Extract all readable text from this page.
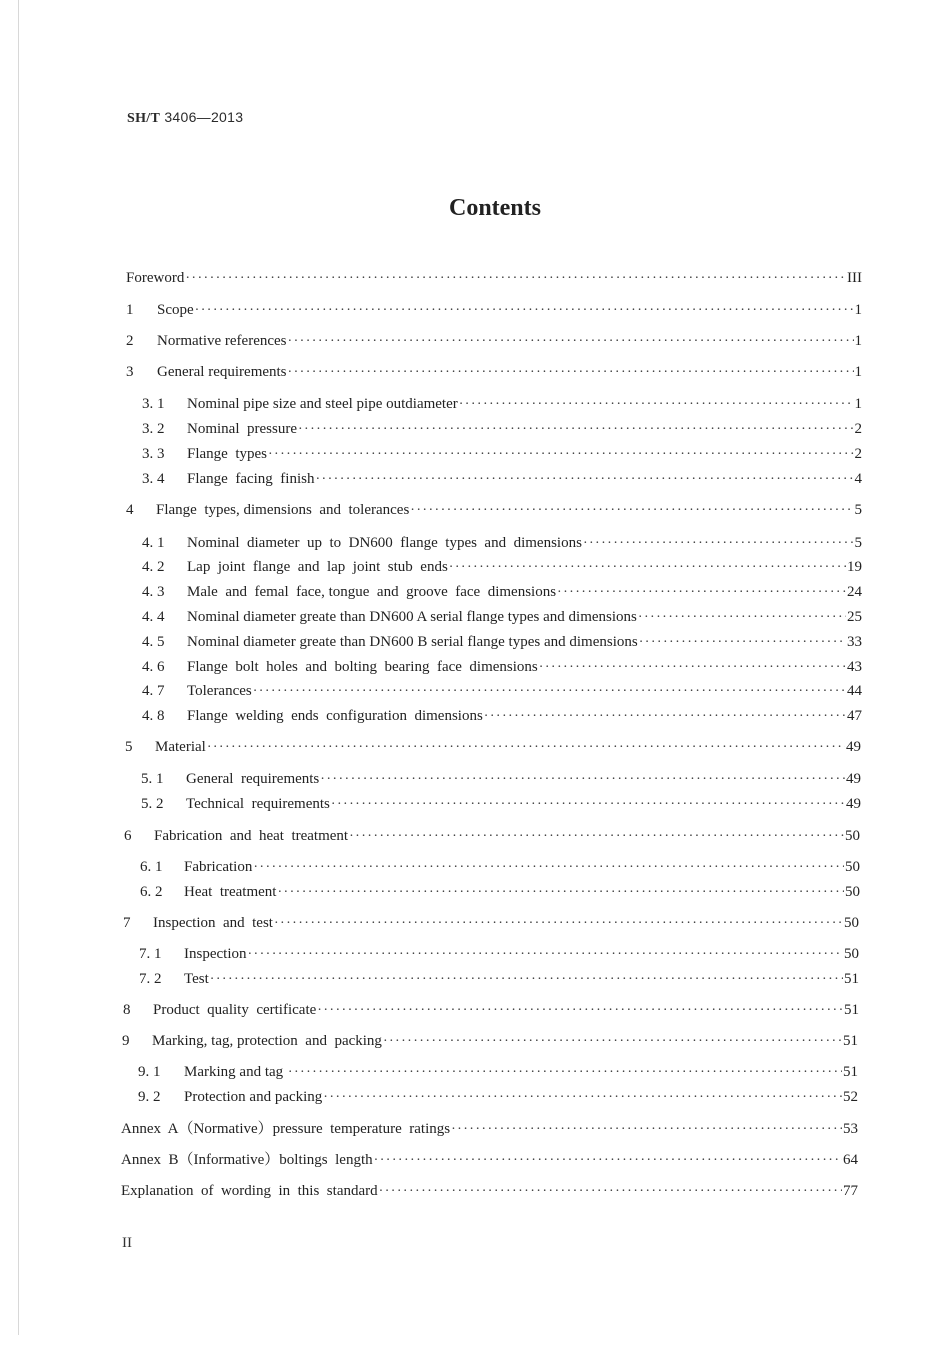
SH/T 3406—2013
Contents
Foreword ·····	III
1	Scope ·····	1
2	Normative references ·····	1
3	General requirements ·····	1
3. 1	Nominal pipe size and steel pipe outdiameter ·····	1
3. 2	Nominal  pressure ·····	2
3. 3	Flange  types ·····	2
3. 4	Flange  facing  finish ·····	4
4	Flange  types, dimensions  and  tolerances ·····	5
4. 1	Nominal  diameter  up  to  DN600  flange  types  and  dimensions ·····	5
4. 2	Lap  joint  flange  and  lap  joint  stub  ends ·····	19
4. 3	Male  and  femal  face, tongue  and  groove  face  dimensions ·····	24
4. 4	Nominal diameter greate than DN600 A serial flange types and dimensions ·····	25
4. 5	Nominal diameter greate than DN600 B serial flange types and dimensions ·····	33
4. 6	Flange  bolt  holes  and  bolting  bearing  face  dimensions ·····	43
4. 7	Tolerances ·····	44
4. 8	Flange  welding  ends  configuration  dimensions ·····	47
5	Material ·····	49
5. 1	General  requirements ·····	49
5. 2	Technical  requirements ·····	49
6	Fabrication  and  heat  treatment ·····	50
6. 1	Fabrication ·····	50
6. 2	Heat  treatment ·····	50
7	Inspection  and  test ·····	50
7. 1	Inspection ·····	50
7. 2	Test ·····	51
8	Product  quality  certificate ·····	51
9	Marking, tag, protection  and  packing ·····	51
9. 1	Marking and tag ·····	51
9. 2	Protection and packing ·····	52
Annex  A（Normative）pressure  temperature  ratings ·····	53
Annex  B（Informative）boltings  length ·····	64
Explanation  of  wording  in  this  standard ·····	77
II
